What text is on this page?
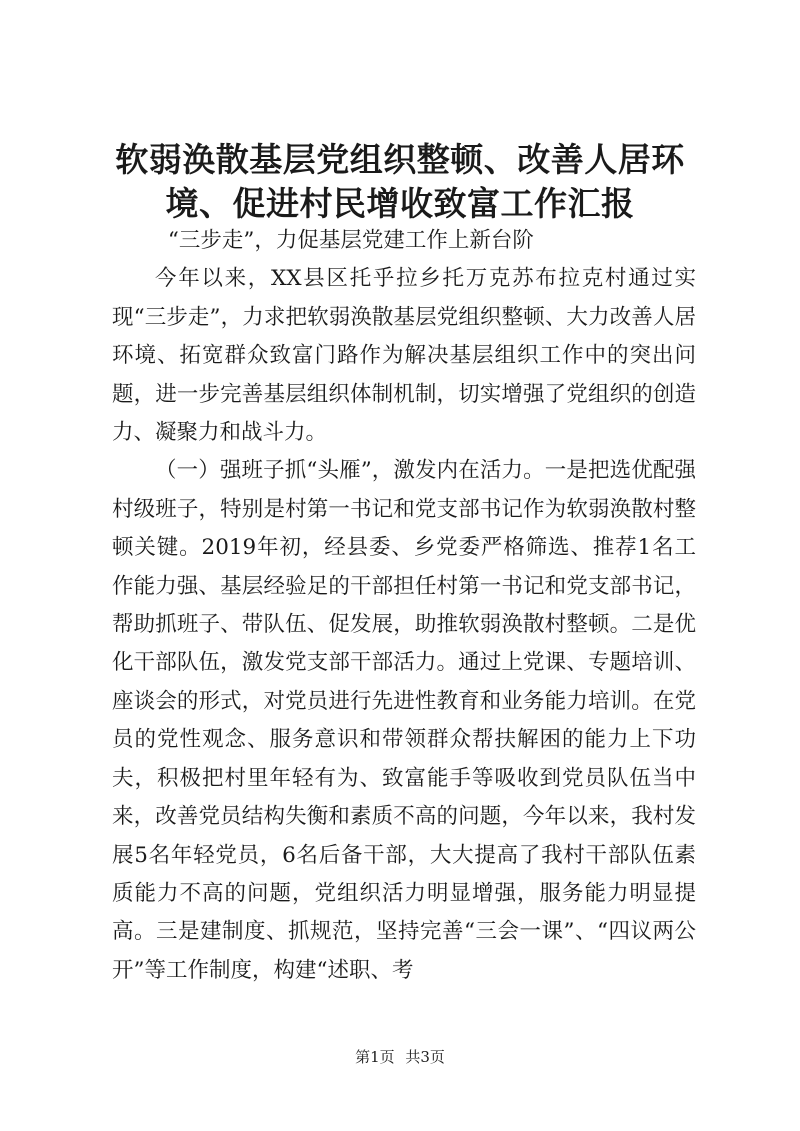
软弱涣散基层党组织整顿、改善人居环境、促进村民增收致富工作汇报

“三步走”，力促基层党建工作上新台阶

今年以来，XX县区托乎拉乡托万克苏布拉克村通过实现“三步走”，力求把软弱涣散基层党组织整顿、大力改善人居环境、拓宽群众致富门路作为解决基层组织工作中的突出问题，进一步完善基层组织体制机制，切实增强了党组织的创造力、凝聚力和战斗力。

（一）强班子抓“头雁”，激发内在活力。一是把选优配强村级班子，特别是村第一书记和党支部书记作为软弱涣散村整顿关键。2019年初，经县委、乡党委严格筛选、推荐1名工作能力强、基层经验足的干部担任村第一书记和党支部书记，帮助抓班子、带队伍、促发展，助推软弱涣散村整顿。二是优化干部队伍，激发党支部干部活力。通过上党课、专题培训、座谈会的形式，对党员进行先进性教育和业务能力培训。在党员的党性观念、服务意识和带领群众帮扶解困的能力上下功夫，积极把村里年轻有为、致富能手等吸收到党员队伍当中来，改善党员结构失衡和素质不高的问题，今年以来，我村发展5名年轻党员，6名后备干部，大大提高了我村干部队伍素质能力不高的问题，党组织活力明显增强，服务能力明显提高。三是建制度、抓规范，坚持完善“三会一课”、“四议两公开”等工作制度，构建“述职、考

第1页 共3页
